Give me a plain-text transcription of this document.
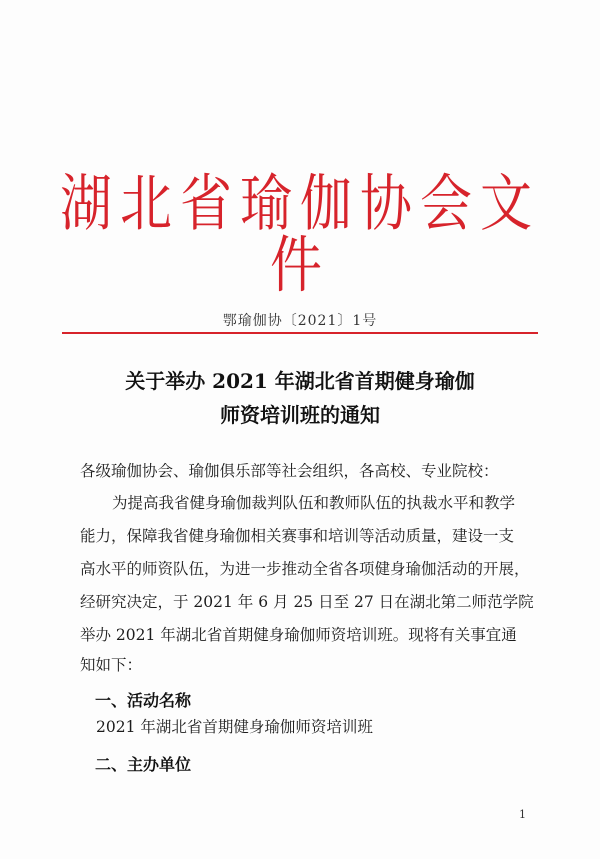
湖北省瑜伽协会文件
鄂瑜伽协〔2021〕1号
关于举办 2021 年湖北省首期健身瑜伽
师资培训班的通知
各级瑜伽协会、瑜伽俱乐部等社会组织，各高校、专业院校：
为提高我省健身瑜伽裁判队伍和教师队伍的执裁水平和教学
能力，保障我省健身瑜伽相关赛事和培训等活动质量，建设一支
高水平的师资队伍，为进一步推动全省各项健身瑜伽活动的开展，
经研究决定，于 2021 年 6 月 25 日至 27 日在湖北第二师范学院
举办 2021 年湖北省首期健身瑜伽师资培训班。现将有关事宜通
知如下：
一、活动名称
2021 年湖北省首期健身瑜伽师资培训班
二、主办单位
1
